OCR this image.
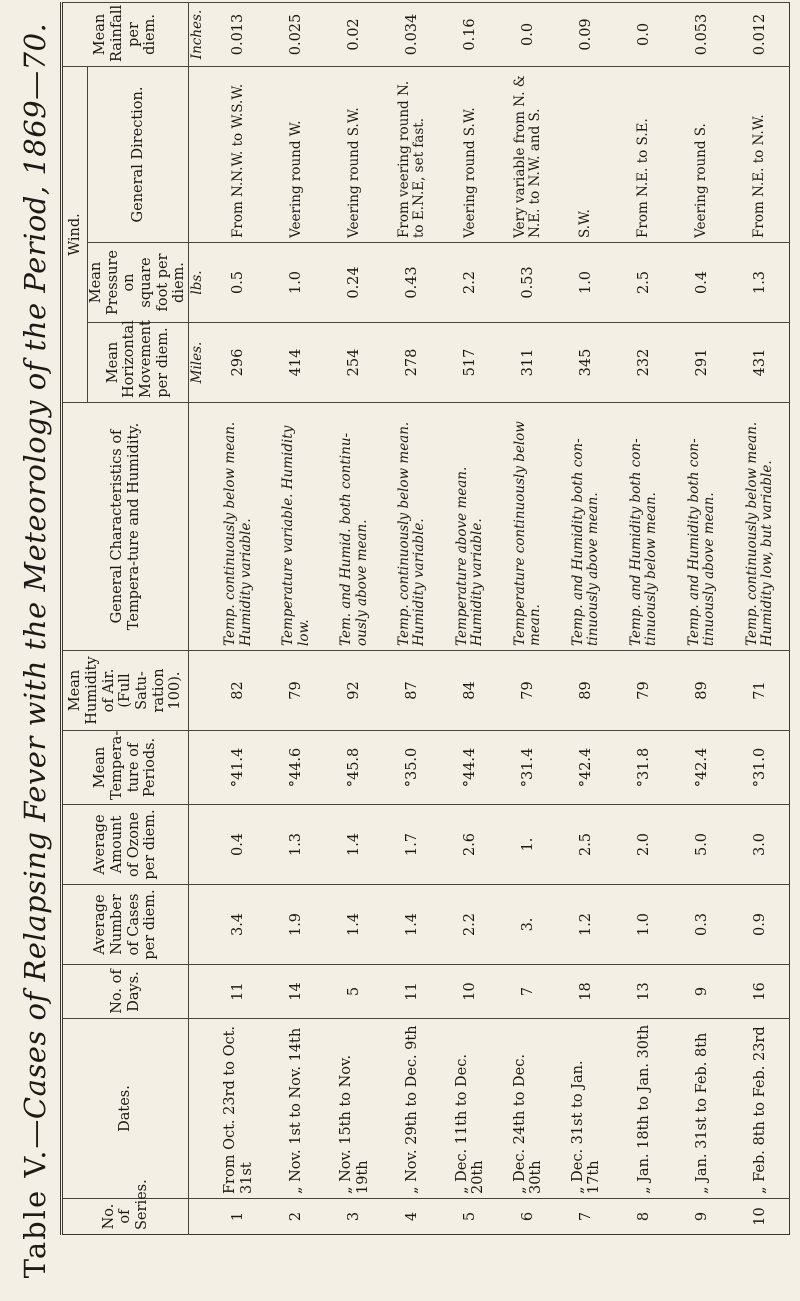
Table V.—Cases of Relapsing Fever with the Meteorology of the Period, 1869—70.
No. of Series.	Dates.	No. of Days.	Average Number of Cases per diem.	Average Amount of Ozone per diem.	Mean Tempera-ture of Periods.	Mean Humidity of Air. (Full Satu-ration 100).	General Characteristics of Tempera-ture and Humidity.	Wind.			Mean Rainfall per diem.
								Mean Horizontal Movement per diem.	Mean Pressure on square foot per diem.	General Direction.	
								Miles.	lbs.		Inches.
1	From Oct. 23rd to Oct. 31st	11	3.4	0.4	°41.4	82	Temp. continuously below mean. Humidity variable.	296	0.5	From N.N.W. to W.S.W.	0.013
2	„ Nov. 1st to Nov. 14th	14	1.9	1.3	°44.6	79	Temperature variable. Humidity low.	414	1.0	Veering round W.	0.025
3	„ Nov. 15th to Nov. 19th	5	1.4	1.4	°45.8	92	Tem. and Humid. both continu-ously above mean.	254	0.24	Veering round S.W.	0.02
4	„ Nov. 29th to Dec. 9th	11	1.4	1.7	°35.0	87	Temp. continuously below mean. Humidity variable.	278	0.43	From veering round N. to E.N.E, set fast.	0.034
5	„ Dec. 11th to Dec. 20th	10	2.2	2.6	°44.4	84	Temperature above mean. Humidity variable.	517	2.2	Veering round S.W.	0.16
6	„ Dec. 24th to Dec. 30th	7	3.	1.	°31.4	79	Temperature continuously below mean.	311	0.53	Very variable from N. & N.E. to N.W. and S.	0.0
7	„ Dec. 31st to Jan. 17th	18	1.2	2.5	°42.4	89	Temp. and Humidity both con-tinuously above mean.	345	1.0	S.W.	0.09
8	„ Jan. 18th to Jan. 30th	13	1.0	2.0	°31.8	79	Temp. and Humidity both con-tinuously below mean.	232	2.5	From N.E. to S.E.	0.0
9	„ Jan. 31st to Feb. 8th	9	0.3	5.0	°42.4	89	Temp. and Humidity both con-tinuously above mean.	291	0.4	Veering round S.	0.053
10	„ Feb. 8th to Feb. 23rd	16	0.9	3.0	°31.0	71	Temp. continuously below mean. Humidity low, but variable.	431	1.3	From N.E. to N.W.	0.012
